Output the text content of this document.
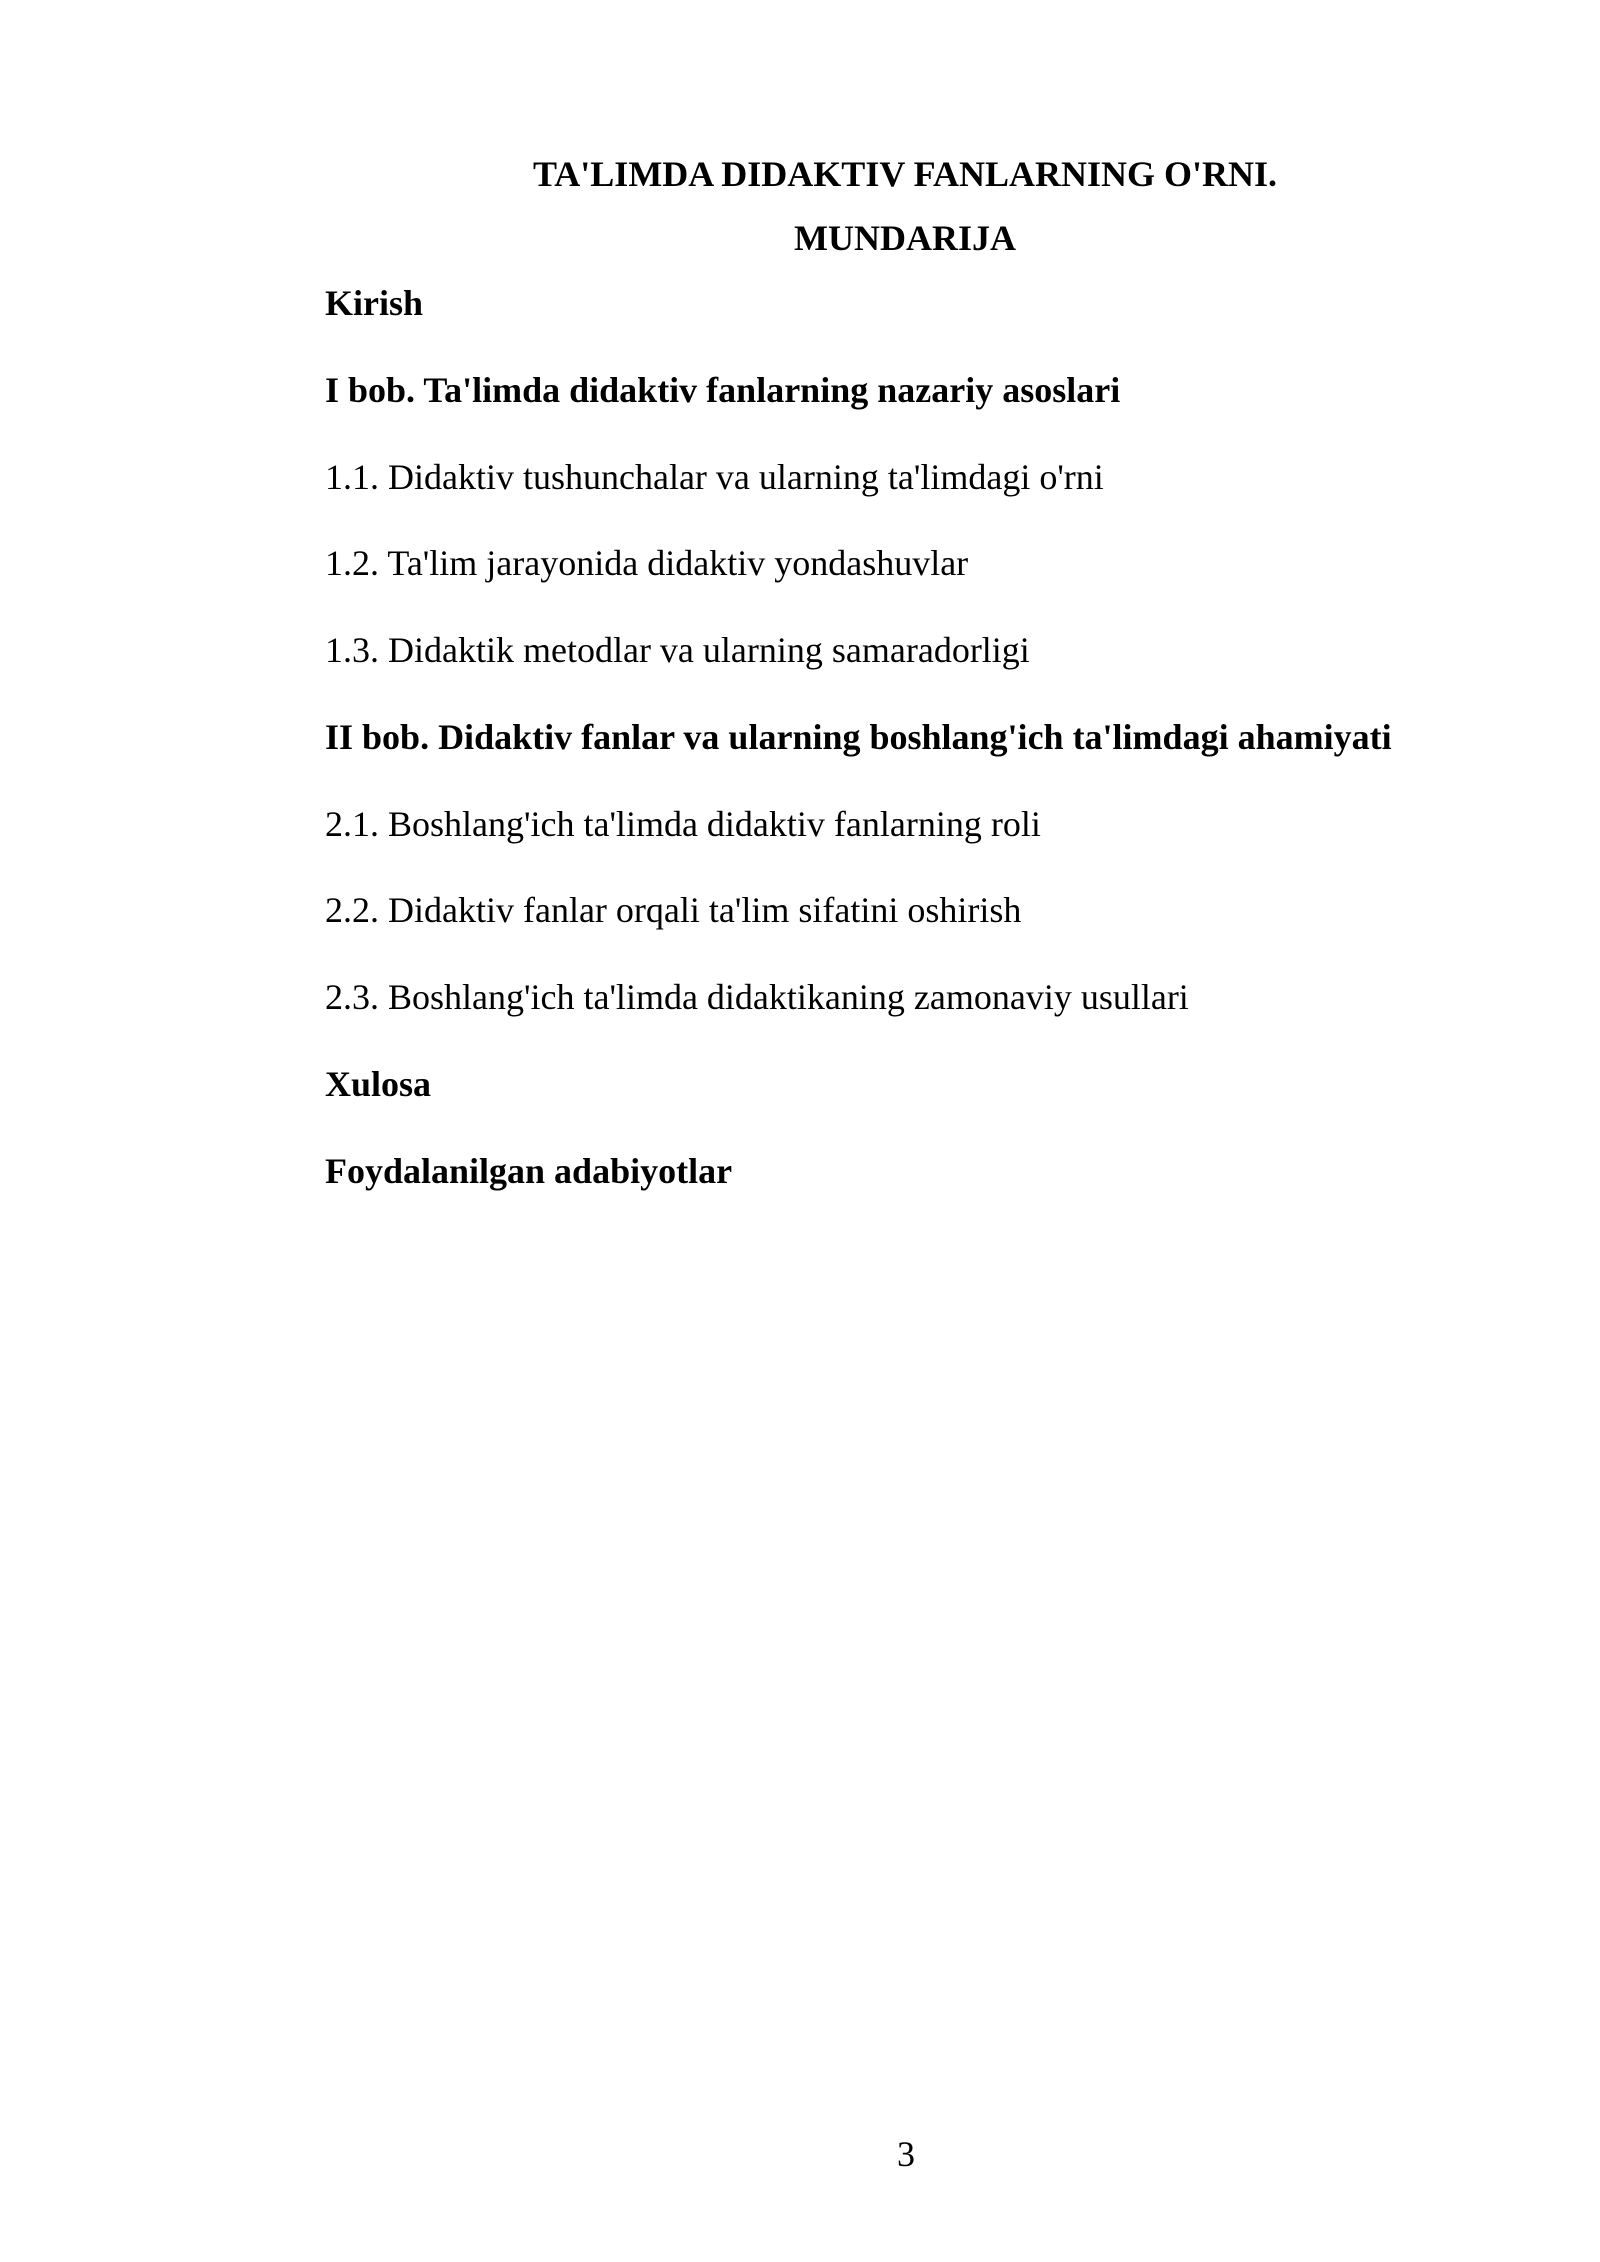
TA'LIMDA DIDAKTIV FANLARNING O'RNI.
MUNDARIJA
Kirish
I bob. Ta'limda didaktiv fanlarning nazariy asoslari
1.1. Didaktiv tushunchalar va ularning ta'limdagi o'rni
1.2. Ta'lim jarayonida didaktiv yondashuvlar
1.3. Didaktik metodlar va ularning samaradorligi
II bob. Didaktiv fanlar va ularning boshlang'ich ta'limdagi ahamiyati
2.1. Boshlang'ich ta'limda didaktiv fanlarning roli
2.2. Didaktiv fanlar orqali ta'lim sifatini oshirish
2.3. Boshlang'ich ta'limda didaktikaning zamonaviy usullari
Xulosa
Foydalanilgan adabiyotlar
3
